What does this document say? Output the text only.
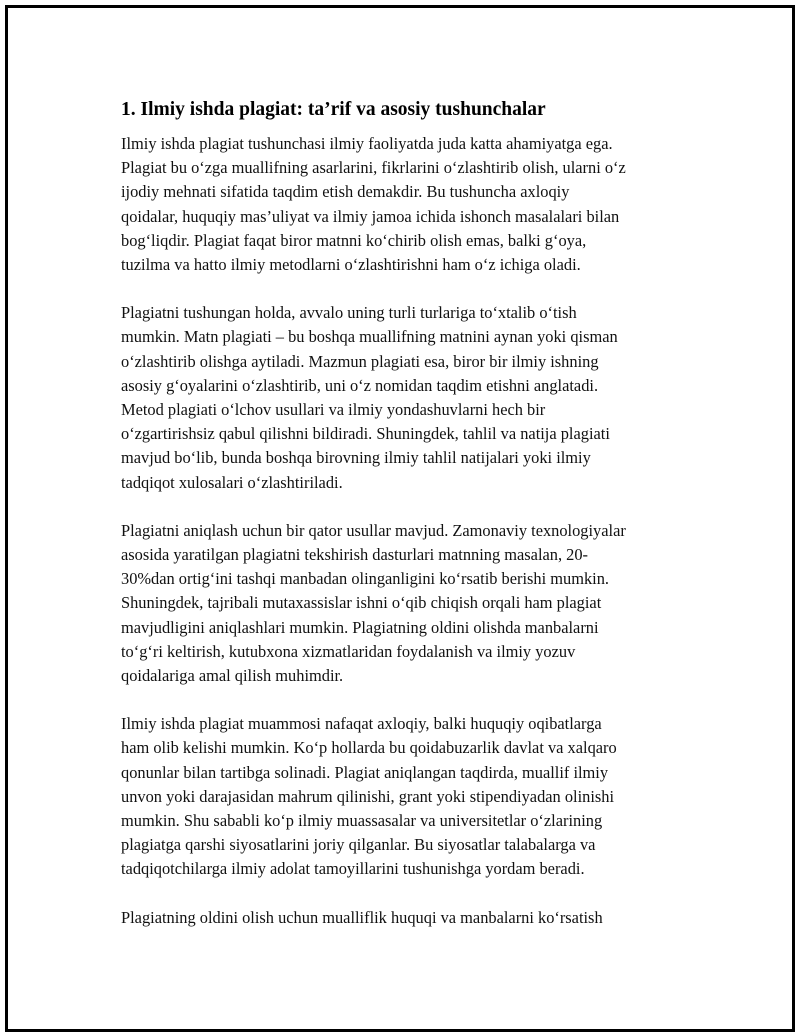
1. Ilmiy ishda plagiat: ta’rif va asosiy tushunchalar

Ilmiy ishda plagiat tushunchasi ilmiy faoliyatda juda katta ahamiyatga ega.
Plagiat bu o‘zga muallifning asarlarini, fikrlarini o‘zlashtirib olish, ularni o‘z
ijodiy mehnati sifatida taqdim etish demakdir. Bu tushuncha axloqiy
qoidalar, huquqiy mas’uliyat va ilmiy jamoa ichida ishonch masalalari bilan
bog‘liqdir. Plagiat faqat biror matnni ko‘chirib olish emas, balki g‘oya,
tuzilma va hatto ilmiy metodlarni o‘zlashtirishni ham o‘z ichiga oladi.

Plagiatni tushungan holda, avvalo uning turli turlariga to‘xtalib o‘tish
mumkin. Matn plagiati – bu boshqa muallifning matnini aynan yoki qisman
o‘zlashtirib olishga aytiladi. Mazmun plagiati esa, biror bir ilmiy ishning
asosiy g‘oyalarini o‘zlashtirib, uni o‘z nomidan taqdim etishni anglatadi.
Metod plagiati o‘lchov usullari va ilmiy yondashuvlarni hech bir
o‘zgartirishsiz qabul qilishni bildiradi. Shuningdek, tahlil va natija plagiati
mavjud bo‘lib, bunda boshqa birovning ilmiy tahlil natijalari yoki ilmiy
tadqiqot xulosalari o‘zlashtiriladi.

Plagiatni aniqlash uchun bir qator usullar mavjud. Zamonaviy texnologiyalar
asosida yaratilgan plagiatni tekshirish dasturlari matnning masalan, 20-
30%dan ortig‘ini tashqi manbadan olinganligini ko‘rsatib berishi mumkin.
Shuningdek, tajribali mutaxassislar ishni o‘qib chiqish orqali ham plagiat
mavjudligini aniqlashlari mumkin. Plagiatning oldini olishda manbalarni
to‘g‘ri keltirish, kutubxona xizmatlaridan foydalanish va ilmiy yozuv
qoidalariga amal qilish muhimdir.

Ilmiy ishda plagiat muammosi nafaqat axloqiy, balki huquqiy oqibatlarga
ham olib kelishi mumkin. Ko‘p hollarda bu qoidabuzarlik davlat va xalqaro
qonunlar bilan tartibga solinadi. Plagiat aniqlangan taqdirda, muallif ilmiy
unvon yoki darajasidan mahrum qilinishi, grant yoki stipendiyadan olinishi
mumkin. Shu sababli ko‘p ilmiy muassasalar va universitetlar o‘zlarining
plagiatga qarshi siyosatlarini joriy qilganlar. Bu siyosatlar talabalarga va
tadqiqotchilarga ilmiy adolat tamoyillarini tushunishga yordam beradi.

Plagiatning oldini olish uchun mualliflik huquqi va manbalarni ko‘rsatish
